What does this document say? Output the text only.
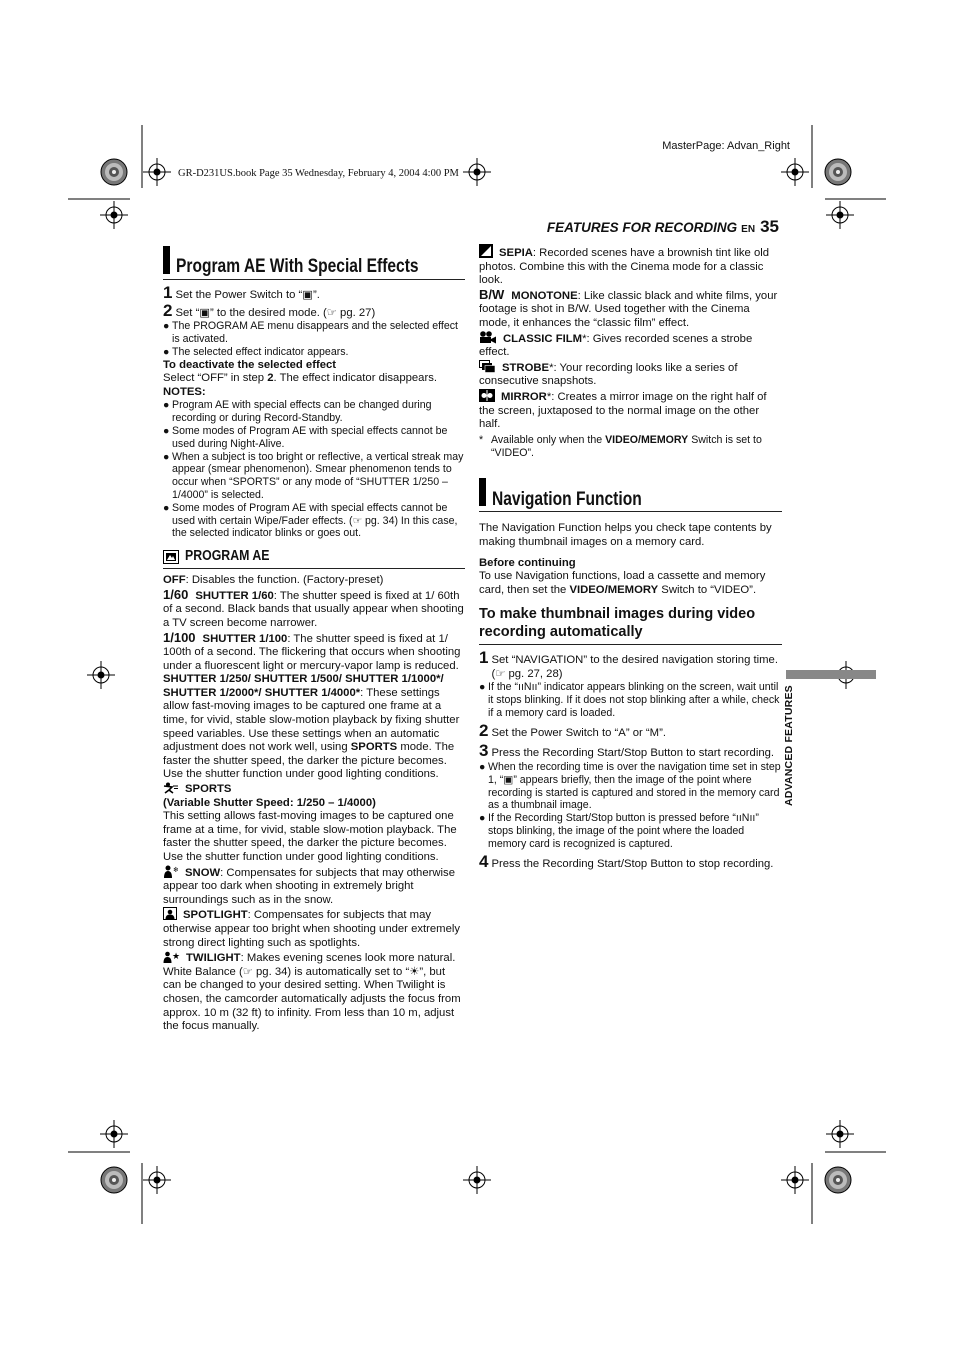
GR-D231US.book Page 35 Wednesday, February 4, 2004 4:00 PM
MasterPage: Advan_Right
FEATURES FOR RECORDING EN 35
ADVANCED FEATURES
Program AE With Special Effects
1 Set the Power Switch to “▣”.
2 Set “▣” to the desired mode. (☞ pg. 27)
● The PROGRAM AE menu disappears and the selected effect is activated.
● The selected effect indicator appears.

To deactivate the selected effect

Select “OFF” in step 2. The effect indicator disappears.

NOTES:

● Program AE with special effects can be changed during recording or during Record-Standby.
● Some modes of Program AE with special effects cannot be used during Night-Alive.
● When a subject is too bright or reflective, a vertical streak may appear (smear phenomenon). Smear phenomenon tends to occur when “SPORTS” or any mode of “SHUTTER 1/250 – 1/4000” is selected.
● Some modes of Program AE with special effects cannot be used with certain Wipe/Fader effects. (☞ pg. 34) In this case, the selected indicator blinks or goes out.
PROGRAM AE

OFF: Disables the function. (Factory-preset)

1/60 SHUTTER 1/60: The shutter speed is fixed at 1/ 60th of a second. Black bands that usually appear when shooting a TV screen become narrower.

1/100 SHUTTER 1/100: The shutter speed is fixed at 1/ 100th of a second. The flickering that occurs when shooting under a fluorescent light or mercury-vapor lamp is reduced.

SHUTTER 1/250/ SHUTTER 1/500/ SHUTTER 1/1000*/ SHUTTER 1/2000*/ SHUTTER 1/4000*: These settings allow fast-moving images to be captured one frame at a time, for vivid, stable slow-motion playback by fixing shutter speed variables. Use these settings when an automatic adjustment does not work well, using SPORTS mode. The faster the shutter speed, the darker the picture becomes. Use the shutter function under good lighting conditions.

SPORTS

(Variable Shutter Speed: 1/250 – 1/4000)

This setting allows fast-moving images to be captured one frame at a time, for vivid, stable slow-motion playback. The faster the shutter speed, the darker the picture becomes. Use the shutter function under good lighting conditions.

❄ SNOW: Compensates for subjects that may otherwise appear too dark when shooting in extremely bright surroundings such as in the snow.

SPOTLIGHT: Compensates for subjects that may otherwise appear too bright when shooting under extremely strong direct lighting such as spotlights.

★ TWILIGHT: Makes evening scenes look more natural. White Balance (☞ pg. 34) is automatically set to “☀”, but can be changed to your desired setting. When Twilight is chosen, the camcorder automatically adjusts the focus from approx. 10 m (32 ft) to infinity. From less than 10 m, adjust the focus manually.

SEPIA: Recorded scenes have a brownish tint like old photos. Combine this with the Cinema mode for a classic look.

B/W MONOTONE: Like classic black and white films, your footage is shot in B/W. Used together with the Cinema mode, it enhances the “classic film” effect.

CLASSIC FILM*: Gives recorded scenes a strobe effect.

STROBE*: Your recording looks like a series of consecutive snapshots.

MIRROR*: Creates a mirror image on the right half of the screen, juxtaposed to the normal image on the other half.

* Available only when the VIDEO/MEMORY Switch is set to “VIDEO”.
Navigation Function

The Navigation Function helps you check tape contents by making thumbnail images on a memory card.

Before continuing

To use Navigation functions, load a cassette and memory card, then set the VIDEO/MEMORY Switch to “VIDEO”.

To make thumbnail images during video recording automatically
1 Set “NAVIGATION” to the desired navigation storing time. (☞ pg. 27, 28)
● If the “ııNıı” indicator appears blinking on the screen, wait until it stops blinking. If it does not stop blinking after a while, check if a memory card is loaded.
2 Set the Power Switch to “A” or “M”.
3 Press the Recording Start/Stop Button to start recording.
● When the recording time is over the navigation time set in step 1, “▣” appears briefly, then the image of the point where recording is started is captured and stored in the memory card as a thumbnail image.
● If the Recording Start/Stop button is pressed before “ııNıı” stops blinking, the image of the point where the loaded memory card is recognized is captured.
4 Press the Recording Start/Stop Button to stop recording.
